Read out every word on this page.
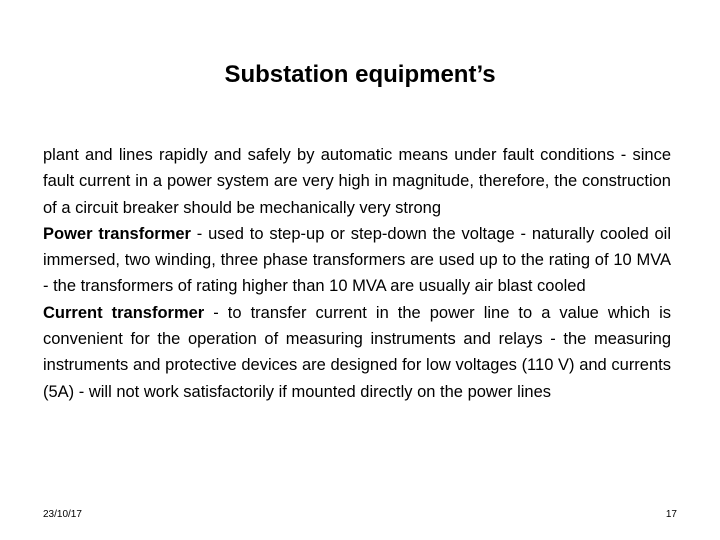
Substation equipment’s

plant and lines rapidly and safely by automatic means under fault conditions - since fault current in a power system are very high in magnitude, therefore, the construction of a circuit breaker should be mechanically very strong

Power transformer - used to step-up or step-down the voltage - naturally cooled oil immersed, two winding, three phase transformers are used up to the rating of 10 MVA - the transformers of rating higher than 10 MVA are usually air blast cooled

Current transformer - to transfer current in the power line to a value which is convenient for the operation of measuring instruments and relays - the measuring instruments and protective devices are designed for low voltages (110 V) and currents (5A) - will not work satisfactorily if mounted directly on the power lines

23/10/17	17
